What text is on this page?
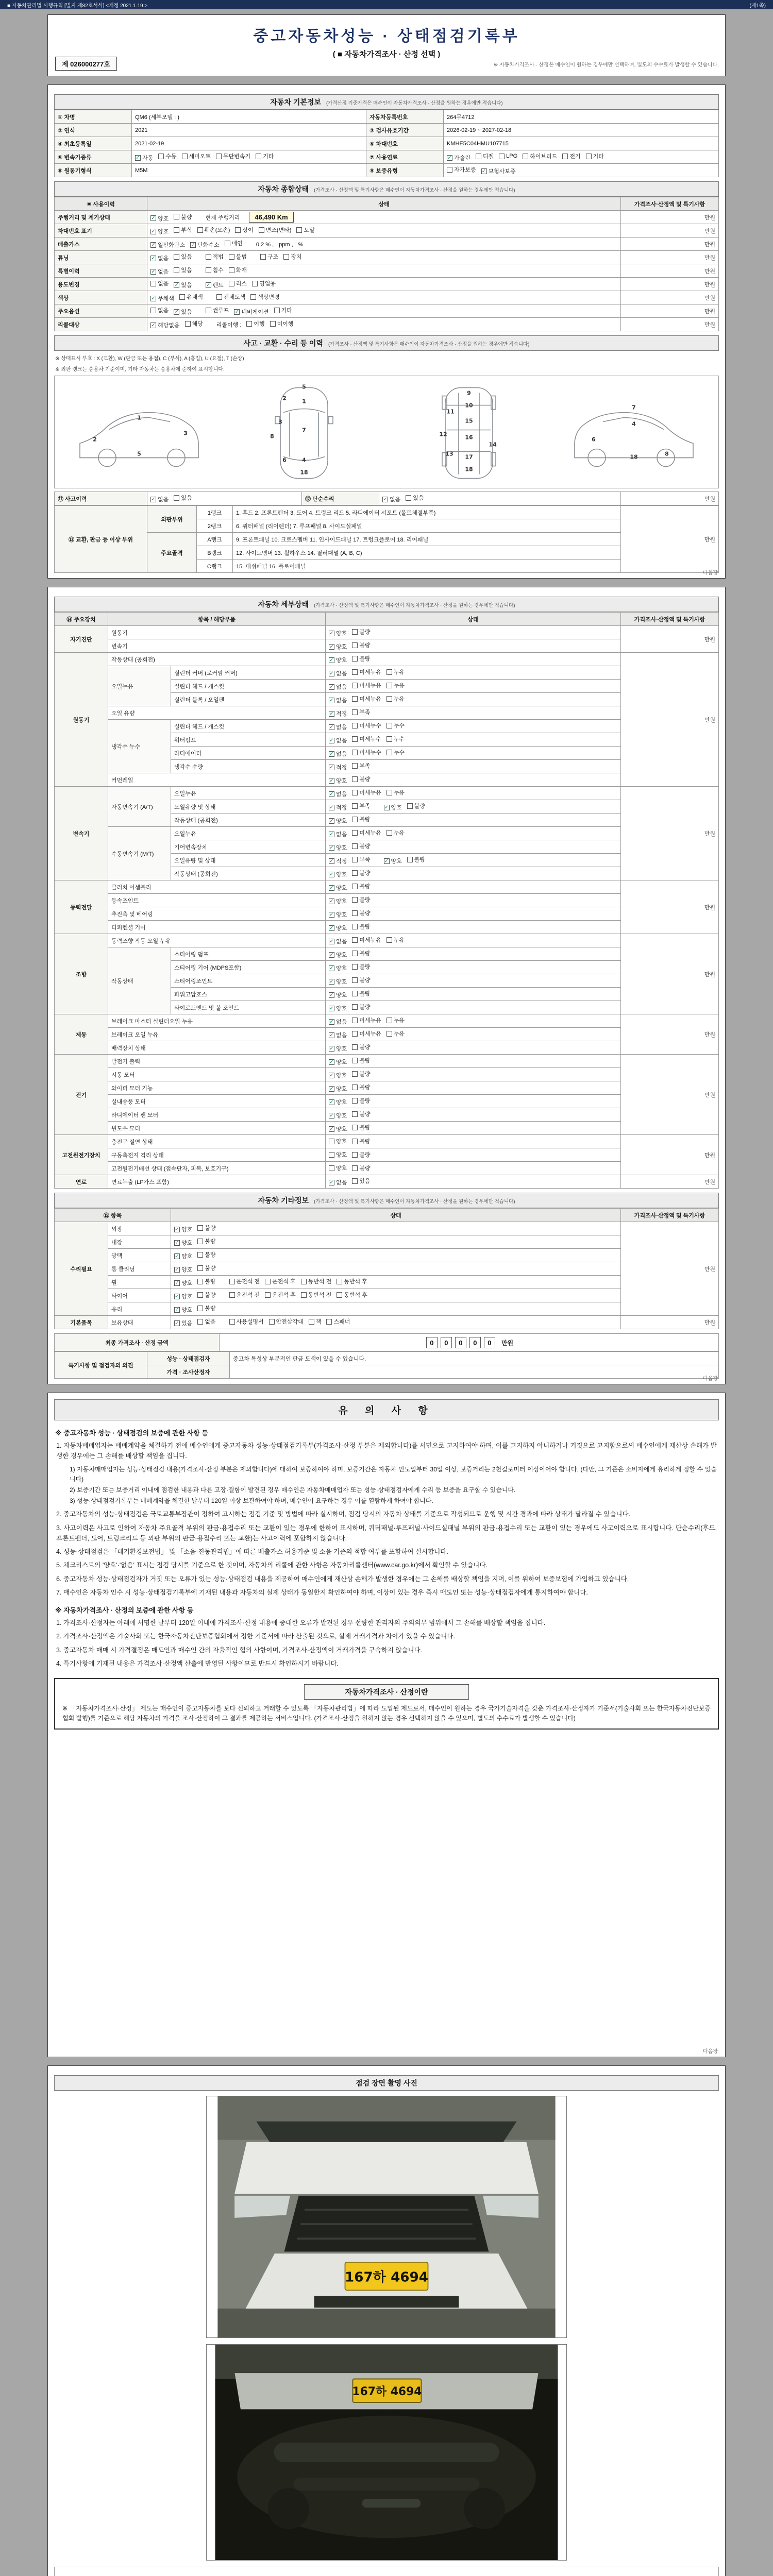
■ 자동차관리법 시행규칙 [별지 제82호서식] <개정 2021.1.19.>	(제1쪽)
중고자동차성능 · 상태점검기록부
( ■ 자동차가격조사 · 산정 선택 )
※ 자동차가격조사 · 산정은 매수인이 원하는 경우에만 선택하며, 별도의 수수료가 발생할 수 있습니다.
제 026000277호
자동차 기본정보 (가격산정 기준가격은 매수인이 자동차가격조사 · 산정을 원하는 경우에만 적습니다)
① 차명	QM6 (세부모델 : )	자동차등록번호	264무4712
② 연식	2021	③ 검사유효기간	2026-02-19 ~ 2027-02-18
④ 최초등록일	2021-02-19	⑤ 차대번호	KMHE5C04HMU107715
⑥ 변속기종류	✓ 자동 수동 세미오토 무단변속기 기타	⑦ 사용연료	✓ 가솔린 디젤 LPG 하이브리드 전기 기타

⑧ 원동기형식	M5M	⑨ 보증유형	자가보증 ✓ 보험사보증
자동차 종합상태 (가격조사 · 산정액 및 특기사항은 매수인이 자동차가격조사 · 산정을 원하는 경우에만 적습니다)
⑩ 사용이력	상태	가격조사·산정액 및 특기사항
주행거리 및 계기상태	✓ 양호 불량 현재 주행거리 46,490 Km	만원
차대번호 표기	✓ 양호 부식 훼손(오손) 상이 변조(변타) 도말	만원
배출가스	✓ 일산화탄소 ✓ 탄화수소 매연 0.2 % , ppm , %	만원
튜닝	✓ 없음 있음	적법 불법	구조 장치	만원
특별이력	✓ 없음 있음 침수 화재	만원
용도변경	없음 ✓ 있음	✓ 렌트 리스 영업용	만원
색상	✓ 무채색 유채색 전체도색 색상변경	만원
주요옵션	없음 ✓ 있음	썬루프 ✓ 네비게이션 기타	만원
리콜대상	✓ 해당없음 해당 리콜이행 : 이행 미이행	만원
사고 · 교환 · 수리 등 이력 (가격조사 · 산정액 및 특기사항은 매수인이 자동차가격조사 · 산정을 원하는 경우에만 적습니다)
※ 상태표시 부호 : X (교환), W (판금 또는 용접), C (부식), A (흠집), U (요철), T (손상)
※ 외판 랭크는 승용차 기준이며, 기타 자동차는 승용차에 준하여 표시합니다.
1
2
3
5
5
1
7
4
18
2
3
6
8
9
10
11
15
12	16
13
14
17
18
7
4
6
8
18
⑪ 사고이력	✓ 없음 있음	⑫ 단순수리	✓ 없음 있음	만원
⑬ 교환, 판금 등 이상 부위	외판부위	1랭크	1. 후드 2. 프론트펜더 3. 도어 4. 트렁크 리드 5. 라디에이터 서포트 (볼트체결부품)	만원
		2랭크	6. 쿼터패널 (리어펜더) 7. 루프패널 8. 사이드실패널	
	주요골격	A랭크	9. 프론트패널 10. 크로스멤버 11. 인사이드패널 17. 트렁크플로어 18. 리어패널	
		B랭크	12. 사이드멤버 13. 휠하우스 14. 필러패널 (A, B, C)	
		C랭크	15. 대쉬패널 16. 플로어패널	
다음장
자동차 세부상태 (가격조사 · 산정액 및 특기사항은 매수인이 자동차가격조사 · 산정을 원하는 경우에만 적습니다)
⑭ 주요장치	항목 / 해당부품		상태	가격조사·산정액 및 특기사항
자기진단	원동기		✓ 양호 불량	만원
	변속기		✓ 양호 불량	

원동기	작동상태 (공회전)		✓ 양호 불량	만원
	오일누유	실린더 커버 (로커암 커버)	✓ 없음 미세누유 누유	

		실린더 헤드 / 개스킷	✓ 없음 미세누유 누유	

		실린더 블록 / 오일팬	✓ 없음 미세누유 누유	

	오일 유량		✓ 적정 부족	

	냉각수 누수	실린더 헤드 / 개스킷	✓ 없음 미세누수 누수	

		워터펌프	✓ 없음 미세누수 누수	

		라디에이터	✓ 없음 미세누수 누수	

		냉각수 수량	✓ 적정 부족	

	커먼레일		✓ 양호 불량	

변속기	자동변속기 (A/T)	오일누유	✓ 없음 미세누유 누유	만원
오일유량 및 상태	✓ 적정 부족	✓ 양호 불량

		작동상태 (공회전)	✓ 양호 불량	

	수동변속기 (M/T)	오일누유	✓ 없음 미세누유 누유	

		기어변속장치	✓ 양호 불량	

오일유량 및 상태	✓ 적정 부족	✓ 양호 불량

		작동상태 (공회전)	✓ 양호 불량	

동력전달	클러치 어셈블리		✓ 양호 불량	만원
	등속조인트		✓ 양호 불량	

	추진축 및 베어링		✓ 양호 불량	

	디퍼렌셜 기어		✓ 양호 불량	

조향	동력조향 작동 오일 누유		✓ 없음 미세누유 누유	만원
	작동상태	스티어링 펌프	✓ 양호 불량	

		스티어링 기어 (MDPS포함)	✓ 양호 불량	

		스티어링조인트	✓ 양호 불량	

		파워고압호스	✓ 양호 불량	

		타이로드엔드 및 볼 조인트	✓ 양호 불량	

제동	브레이크 마스터 실린더오일 누유		✓ 없음 미세누유 누유	만원
	브레이크 오일 누유		✓ 없음 미세누유 누유	

	배력장치 상태		✓ 양호 불량	

전기	발전기 출력		✓ 양호 불량	만원
	시동 모터		✓ 양호 불량	

	와이퍼 모터 기능		✓ 양호 불량	

	실내송풍 모터		✓ 양호 불량	

	라디에이터 팬 모터		✓ 양호 불량	

	윈도우 모터		✓ 양호 불량	

고전원전기장치	충전구 절연 상태		양호 불량	만원
	구동축전지 격리 상태		양호 불량	

	고전원전기배선 상태 (접속단자, 피복, 보호기구)		양호 불량	

연료	연료누출 (LP가스 포함)		✓ 없음 있음	만원
자동차 기타정보 (가격조사 · 산정액 및 특기사항은 매수인이 자동차가격조사 · 산정을 원하는 경우에만 적습니다)
⑮ 항목		상태	가격조사·산정액 및 특기사항
수리필요	외장	✓ 양호 불량	만원
	내장	✓ 양호 불량	

	광택	✓ 양호 불량	

	룸 클리닝	✓ 양호 불량	

휠	✓ 양호 불량	운전석 전 운전석 후 동반석 전 동반석 후

타이어	✓ 양호 불량	운전석 전 운전석 후 동반석 전 동반석 후

	유리	✓ 양호 불량	

기본품목	보유상태	✓ 있음 없음	사용설명서 안전삼각대 잭 스패너	만원
최종 가격조사 · 산정 금액	0 0 0 0 0 만원
특기사항 및 점검자의 의견	성능 · 상태점검자	중고차 특성상 부분적인 판금 도색이 있을 수 있습니다.
	가격 · 조사산정자	
다음장
유 의 사 항
※ 중고자동차 성능 · 상태점검의 보증에 관한 사항 등
1. 자동차매매업자는 매매계약을 체결하기 전에 매수인에게 중고자동차 성능·상태점검기록부(가격조사·산정 부분은 제외합니다)를 서면으로 고지하여야 하며, 이를 고지하지 아니하거나 거짓으로 고지함으로써 매수인에게 재산상 손해가 발생한 경우에는 그 손해를 배상할 책임을 집니다.
1) 자동차매매업자는 성능·상태점검 내용(가격조사·산정 부분은 제외합니다)에 대하여 보증하여야 하며, 보증기간은 자동차 인도일부터 30일 이상, 보증거리는 2천킬로미터 이상이어야 합니다. (다만, 그 기준은 소비자에게 유리하게 정할 수 있습니다)
2) 보증기간 또는 보증거리 이내에 점검한 내용과 다른 고장·결함이 발견된 경우 매수인은 자동차매매업자 또는 성능·상태점검자에게 수리 등 보증을 요구할 수 있습니다.
3) 성능·상태점검기록부는 매매계약을 체결한 날부터 120일 이상 보관하여야 하며, 매수인이 요구하는 경우 이를 열람하게 하여야 합니다.
2. 중고자동차의 성능·상태점검은 국토교통부장관이 정하여 고시하는 점검 기준 및 방법에 따라 실시하며, 점검 당시의 자동차 상태를 기준으로 작성되므로 운행 및 시간 경과에 따라 상태가 달라질 수 있습니다.
3. 사고이력은 사고로 인하여 자동차 주요골격 부위의 판금·용접수리 또는 교환이 있는 경우에 한하여 표시하며, 쿼터패널·루프패널·사이드실패널 부위의 판금·용접수리 또는 교환이 있는 경우에도 사고이력으로 표시합니다. 단순수리(후드, 프론트펜더, 도어, 트렁크리드 등 외판 부위의 판금·용접수리 또는 교환)는 사고이력에 포함하지 않습니다.
4. 성능·상태점검은 「대기환경보전법」 및 「소음·진동관리법」에 따른 배출가스 허용기준 및 소음 기준의 적합 여부를 포함하여 실시합니다.
5. 체크리스트의 '양호'·'없음' 표시는 점검 당시를 기준으로 한 것이며, 자동차의 리콜에 관한 사항은 자동차리콜센터(www.car.go.kr)에서 확인할 수 있습니다.
6. 중고자동차 성능·상태점검자가 거짓 또는 오류가 있는 성능·상태점검 내용을 제공하여 매수인에게 재산상 손해가 발생한 경우에는 그 손해를 배상할 책임을 지며, 이를 위하여 보증보험에 가입하고 있습니다.
7. 매수인은 자동차 인수 시 성능·상태점검기록부에 기재된 내용과 자동차의 실제 상태가 동일한지 확인하여야 하며, 이상이 있는 경우 즉시 매도인 또는 성능·상태점검자에게 통지하여야 합니다.
※ 자동차가격조사 · 산정의 보증에 관한 사항 등
1. 가격조사·산정자는 아래에 서명한 날부터 120일 이내에 가격조사·산정 내용에 중대한 오류가 발견된 경우 선량한 관리자의 주의의무 범위에서 그 손해를 배상할 책임을 집니다.
2. 가격조사·산정액은 기술사회 또는 한국자동차진단보증협회에서 정한 기준서에 따라 산출된 것으로, 실제 거래가격과 차이가 있을 수 있습니다.
3. 중고자동차 매매 시 가격결정은 매도인과 매수인 간의 자율적인 협의 사항이며, 가격조사·산정액이 거래가격을 구속하지 않습니다.
4. 특기사항에 기재된 내용은 가격조사·산정액 산출에 반영된 사항이므로 반드시 확인하시기 바랍니다.
자동차가격조사 · 산정이란
※ 「자동차가격조사·산정」 제도는 매수인이 중고자동차를 보다 신뢰하고 거래할 수 있도록 「자동차관리법」에 따라 도입된 제도로서, 매수인이 원하는 경우 국가기술자격을 갖춘 가격조사·산정자가 기준서(기술사회 또는 한국자동차진단보증협회 발행)를 기준으로 해당 자동차의 가격을 조사·산정하여 그 결과를 제공하는 서비스입니다. (가격조사·산정을 원하지 않는 경우 선택하지 않을 수 있으며, 별도의 수수료가 발생할 수 있습니다)
다음장
점검 장면 촬영 사진
167하 4694
167하 4694
